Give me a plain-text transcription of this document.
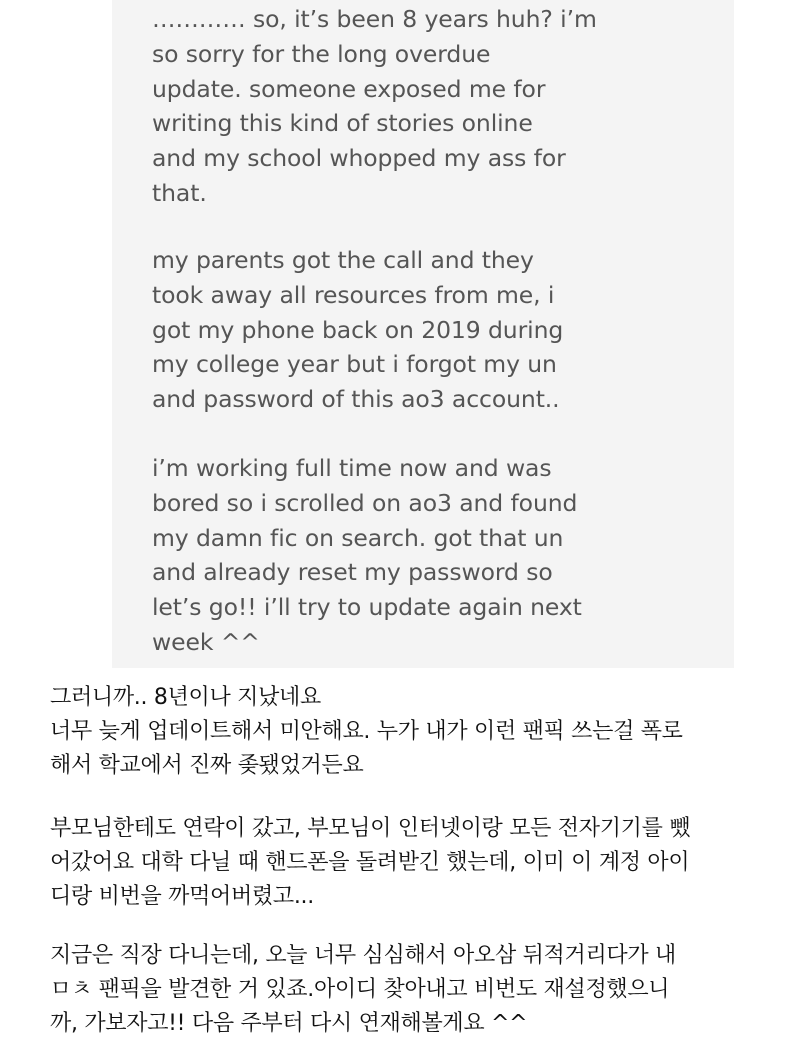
………… so, it’s been 8 years huh? i’m
so sorry for the long overdue
update. someone exposed me for
writing this kind of stories online
and my school whopped my ass for
that.

my parents got the call and they
took away all resources from me, i
got my phone back on 2019 during
my college year but i forgot my un
and password of this ao3 account..

i’m working full time now and was
bored so i scrolled on ao3 and found
my damn fic on search. got that un
and already reset my password so
let’s go!! i’ll try to update again next
week ^^

그러니까.. 8년이나 지났네요
너무 늦게 업데이트해서 미안해요. 누가 내가 이런 팬픽 쓰는걸 폭로
해서 학교에서 진짜 좆됐었거든요

부모님한테도 연락이 갔고, 부모님이 인터넷이랑 모든 전자기기를 뺐
어갔어요 대학 다닐 때 핸드폰을 돌려받긴 했는데, 이미 이 계정 아이
디랑 비번을 까먹어버렸고...

지금은 직장 다니는데, 오늘 너무 심심해서 아오삼 뒤적거리다가 내
ㅁㅊ 팬픽을 발견한 거 있죠.아이디 찾아내고 비번도 재설정했으니
까, 가보자고!! 다음 주부터 다시 연재해볼게요 ^^
